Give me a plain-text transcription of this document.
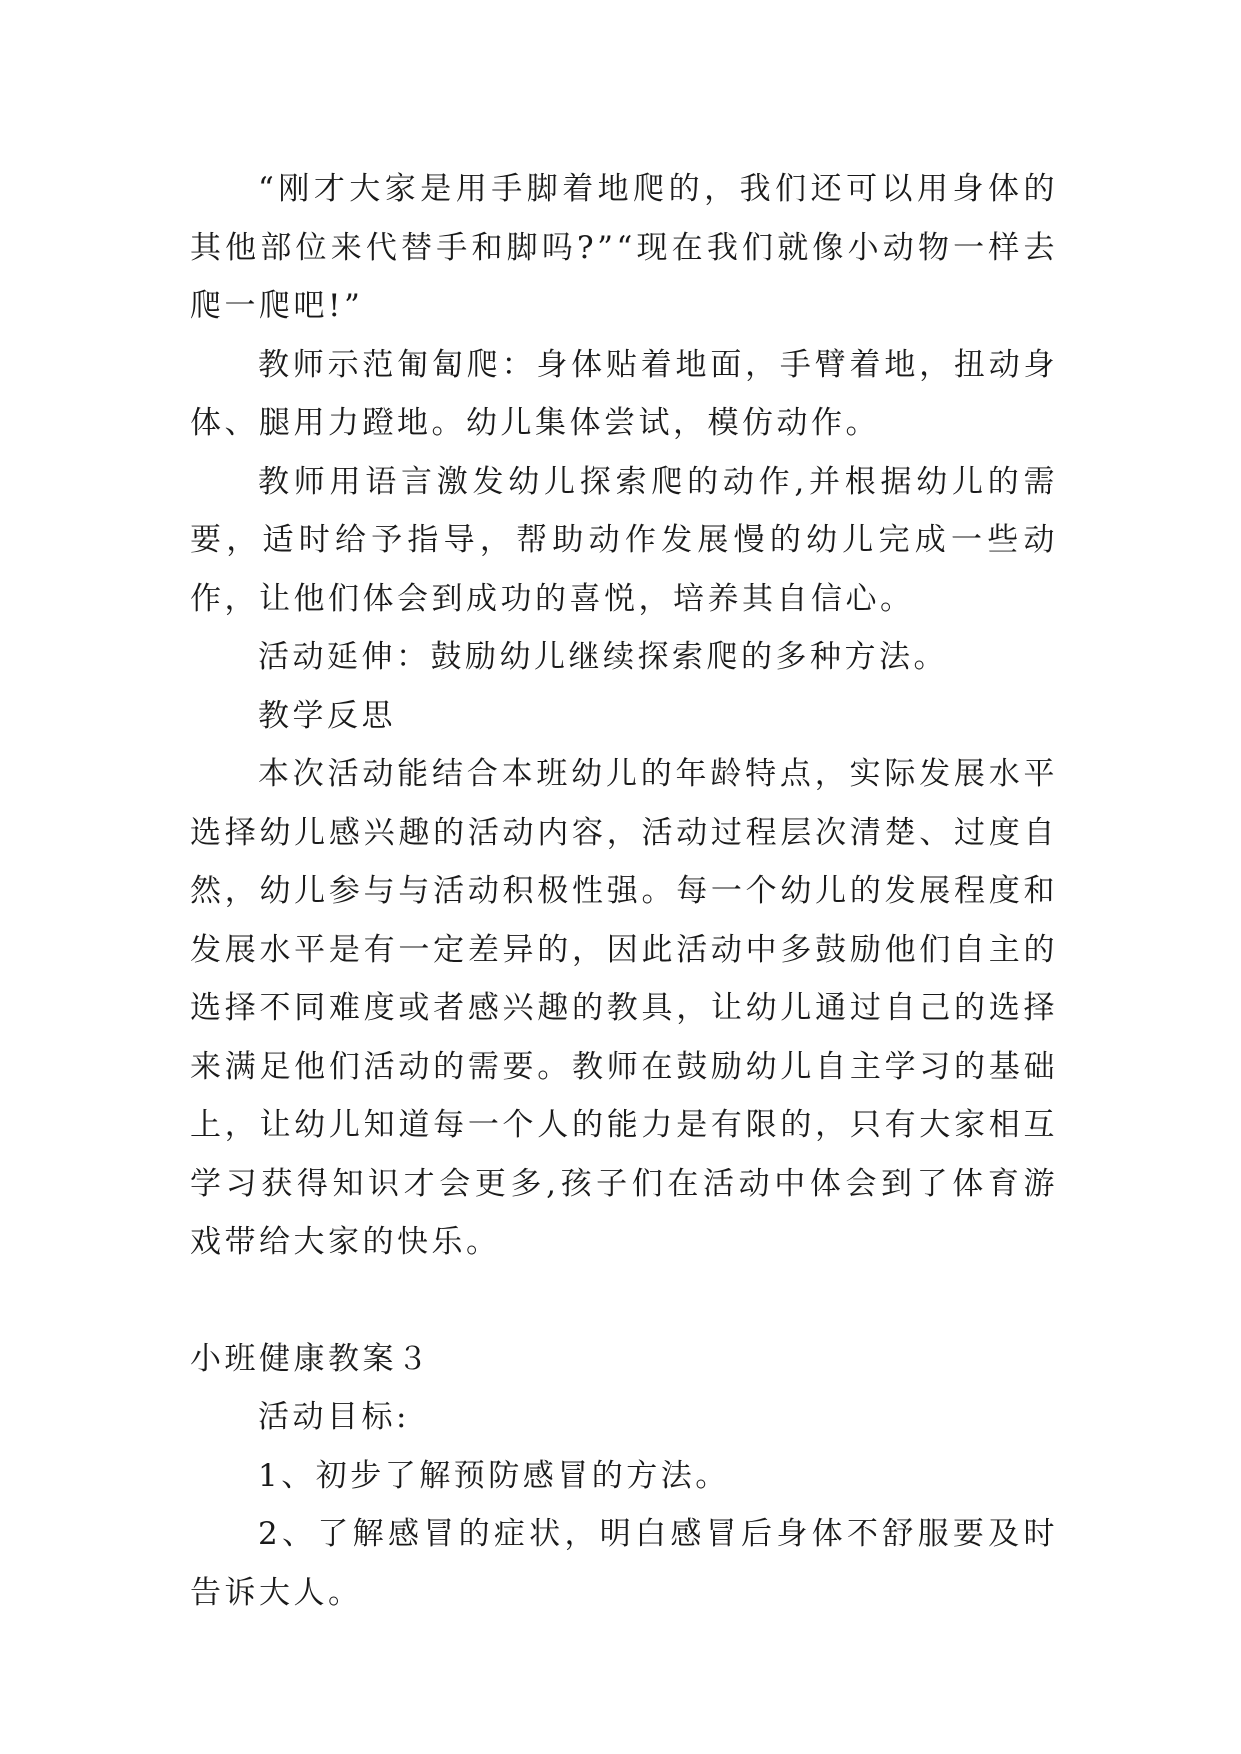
“刚才大家是用手脚着地爬的，我们还可以用身体的其他部位来代替手和脚吗?”“现在我们就像小动物一样去爬一爬吧!”

教师示范匍匐爬：身体贴着地面，手臂着地，扭动身体、腿用力蹬地。幼儿集体尝试，模仿动作。

教师用语言激发幼儿探索爬的动作,并根据幼儿的需要，适时给予指导，帮助动作发展慢的幼儿完成一些动作，让他们体会到成功的喜悦，培养其自信心。

活动延伸：鼓励幼儿继续探索爬的多种方法。

教学反思

本次活动能结合本班幼儿的年龄特点，实际发展水平选择幼儿感兴趣的活动内容，活动过程层次清楚、过度自然，幼儿参与与活动积极性强。每一个幼儿的发展程度和发展水平是有一定差异的，因此活动中多鼓励他们自主的选择不同难度或者感兴趣的教具，让幼儿通过自己的选择来满足他们活动的需要。教师在鼓励幼儿自主学习的基础上，让幼儿知道每一个人的能力是有限的，只有大家相互学习获得知识才会更多,孩子们在活动中体会到了体育游戏带给大家的快乐。

小班健康教案３

活动目标:

1、初步了解预防感冒的方法。

2、了解感冒的症状，明白感冒后身体不舒服要及时告诉大人。
